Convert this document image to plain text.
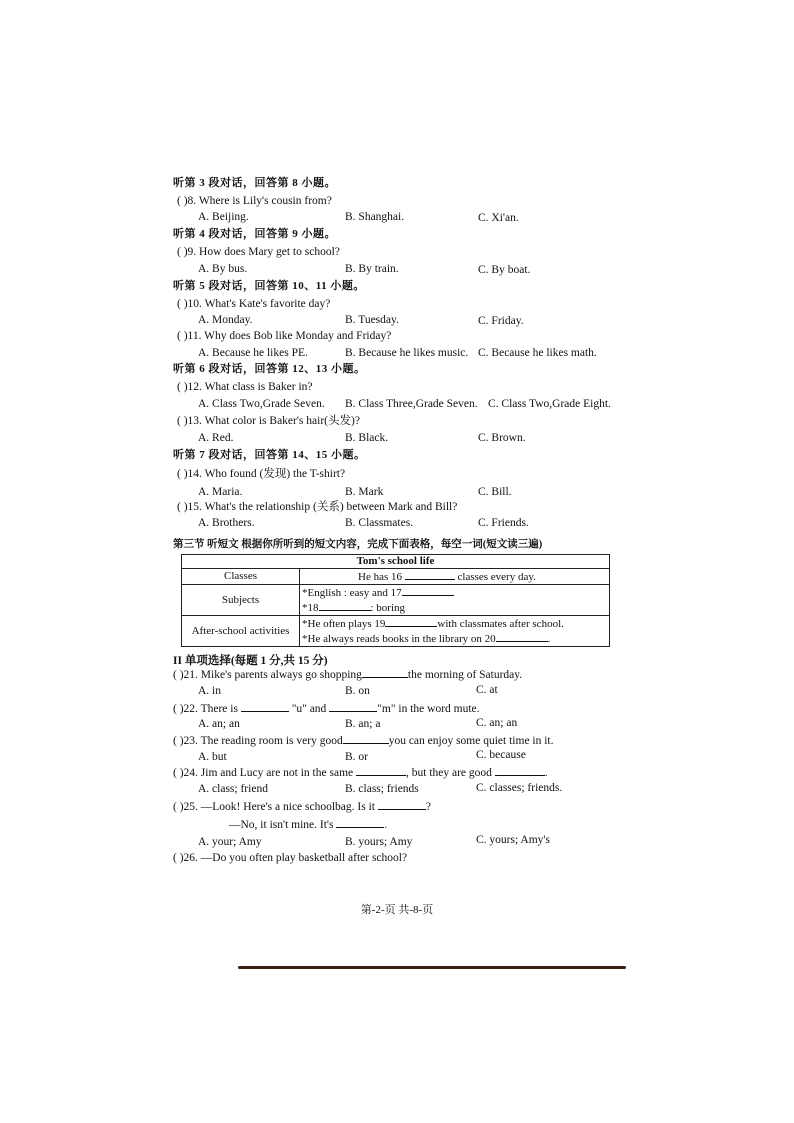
听第 3 段对话，回答第 8 小题。
( )8. Where is Lily's cousin from?
A. Beijing.	B. Shanghai.	C. Xi'an.
听第 4 段对话，回答第 9 小题。
( )9. How does Mary get to school?
A. By bus.	B. By train.	C. By boat.
听第 5 段对话，回答第 10、11 小题。
( )10. What's Kate's favorite day?
A. Monday.	B. Tuesday.	C. Friday.
( )11. Why does Bob like Monday and Friday?
A. Because he likes PE.	B. Because he likes music. C. Because he likes math.
听第 6 段对话，回答第 12、13 小题。
( )12. What class is Baker in?
A. Class Two,Grade Seven. B. Class Three,Grade Seven. C. Class Two,Grade Eight.
( )13. What color is Baker's hair(头发)?
A. Red.	B. Black.	C. Brown.
听第 7 段对话，回答第 14、15 小题。
( )14. Who found (发现) the T-shirt?
A. Maria.	B. Mark	C. Bill.
( )15. What's the relationship (关系) between Mark and Bill?
A. Brothers.	B. Classmates.	C. Friends.
第三节 听短文 根据你所听到的短文内容，完成下面表格，每空一词(短文读三遍)
Tom's school life	
Classes	He has 16 classes every day.
Subjects	*English : easy and 17
*18 : boring

After-school activities	*He often plays 19 with classmates after school.
*He always reads books in the library on 20 .
II 单项选择(每题 1 分,共 15 分)
( )21. Mike's parents always go shopping	the morning of Saturday.
A. in	B. on	C. at
( )22. There is	"u" and	"m" in the word mute.
A. an; an	B. an; a	C. an; an
( )23. The reading room is very good	you can enjoy some quiet time in it.
A. but	B. or	C. because
( )24. Jim and Lucy are not in the same	, but they are good	.
A. class; friend	B. class; friends	C. classes; friends.
( )25. —Look! Here's a nice schoolbag. Is it	?
—No, it isn't mine. It's	.
A. your; Amy	B. yours; Amy	C. yours; Amy's
( )26. —Do you often play basketball after school?
第-2-页 共-8-页
